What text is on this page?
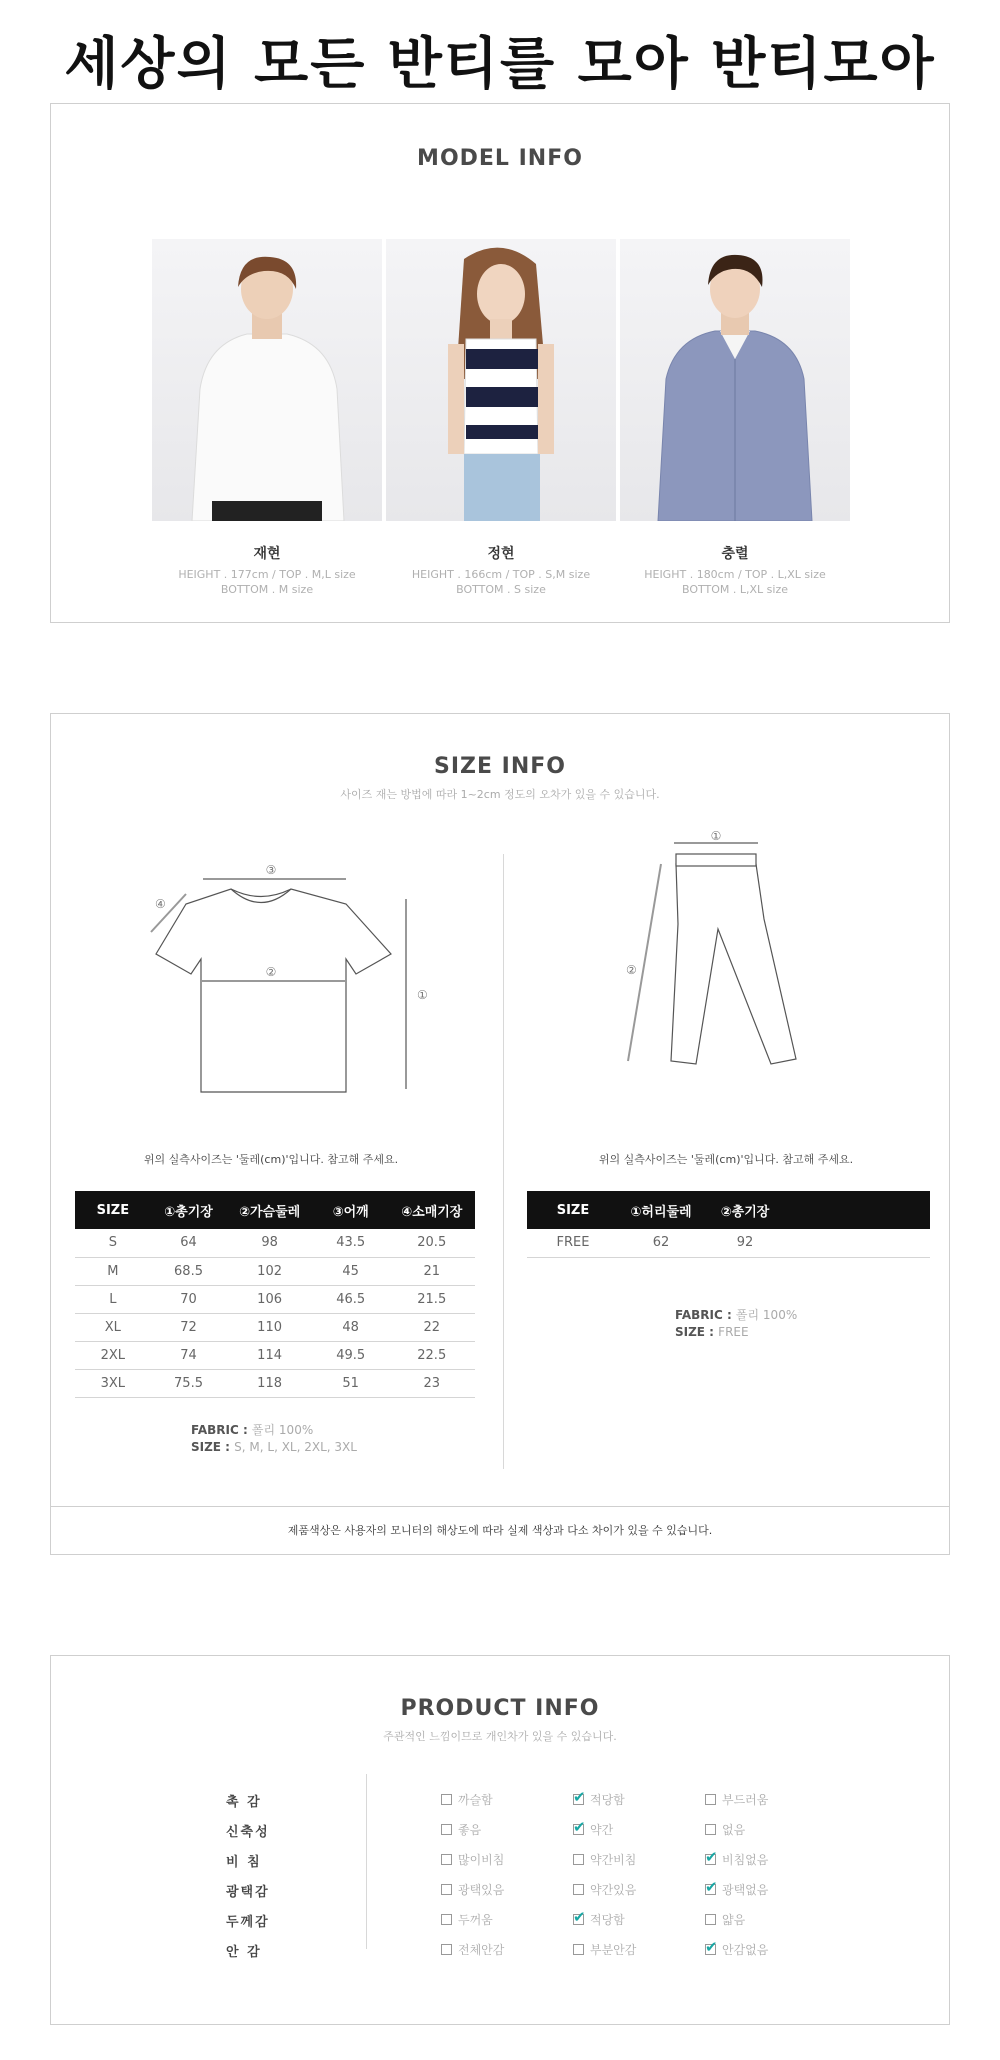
세상의 모든 반티를 모아 반티모아
MODEL INFO
재현
HEIGHT . 177cm / TOP . M,L size
BOTTOM . M size
정현
HEIGHT . 166cm / TOP . S,M size
BOTTOM . S size
충렬
HEIGHT . 180cm / TOP . L,XL size
BOTTOM . L,XL size
SIZE INFO
사이즈 재는 방법에 따라 1~2cm 정도의 오차가 있을 수 있습니다.
③
②
④
①
①
②
위의 실측사이즈는 '둘레(cm)'입니다. 참고해 주세요.	위의 실측사이즈는 '둘레(cm)'입니다. 참고해 주세요.
SIZE	①총기장	②가슴둘레	③어깨	④소매기장
S	64	98	43.5	20.5
M	68.5	102	45	21
L	70	106	46.5	21.5
XL	72	110	48	22
2XL	74	114	49.5	22.5
3XL	75.5	118	51	23
SIZE	①허리둘레	②총기장	
FREE	62	92	
FABRIC : 폴리 100%
SIZE : S, M, L, XL, 2XL, 3XL
FABRIC : 폴리 100%
SIZE : FREE
제품색상은 사용자의 모니터의 해상도에 따라 실제 색상과 다소 차이가 있을 수 있습니다.
PRODUCT INFO
주관적인 느낌이므로 개인차가 있을 수 있습니다.
촉 감	까슬함 ✔	적당함	부드러움
신축성	좋음 ✔	약간	없음
비 침	많이비침	약간비침 ✔	비침없음
광택감	광택있음	약간있음 ✔	광택없음
두께감	두꺼움 ✔	적당함	얇음
안 감	전체안감	부분안감 ✔	안감없음
